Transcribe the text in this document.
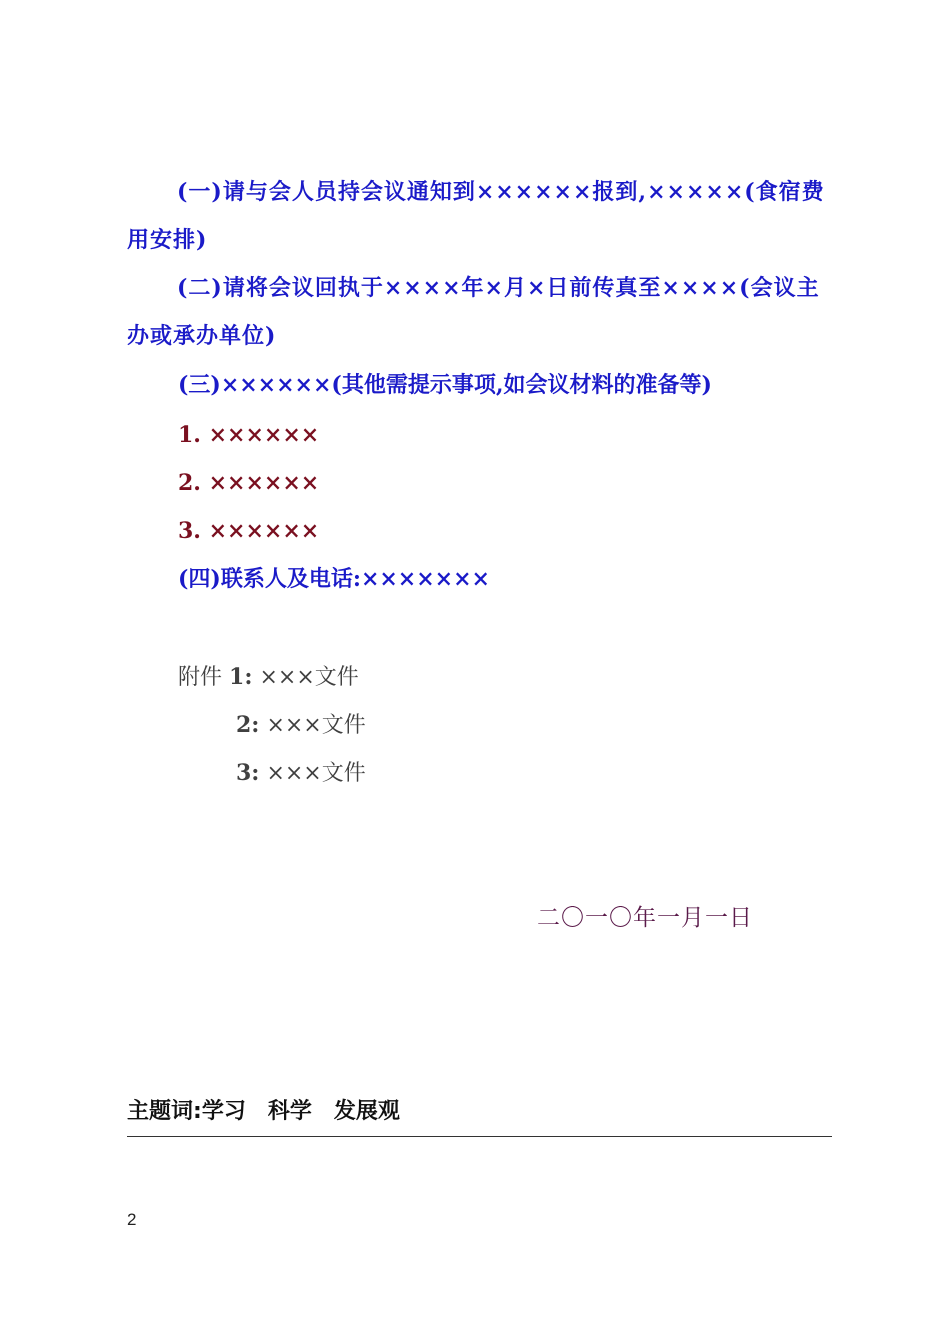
(一)请与会人员持会议通知到××××××报到,×××××(食宿费用安排)

(二)请将会议回执于××××年×月×日前传真至××××(会议主办或承办单位)

(三)××××××(其他需提示事项,如会议材料的准备等)

1. ××××××

2. ××××××

3. ××××××

(四)联系人及电话:×××××××

附件 1: ×××文件
2: ×××文件
3: ×××文件

二〇一〇年一月一日

主题词:学习 科学 发展观
2
